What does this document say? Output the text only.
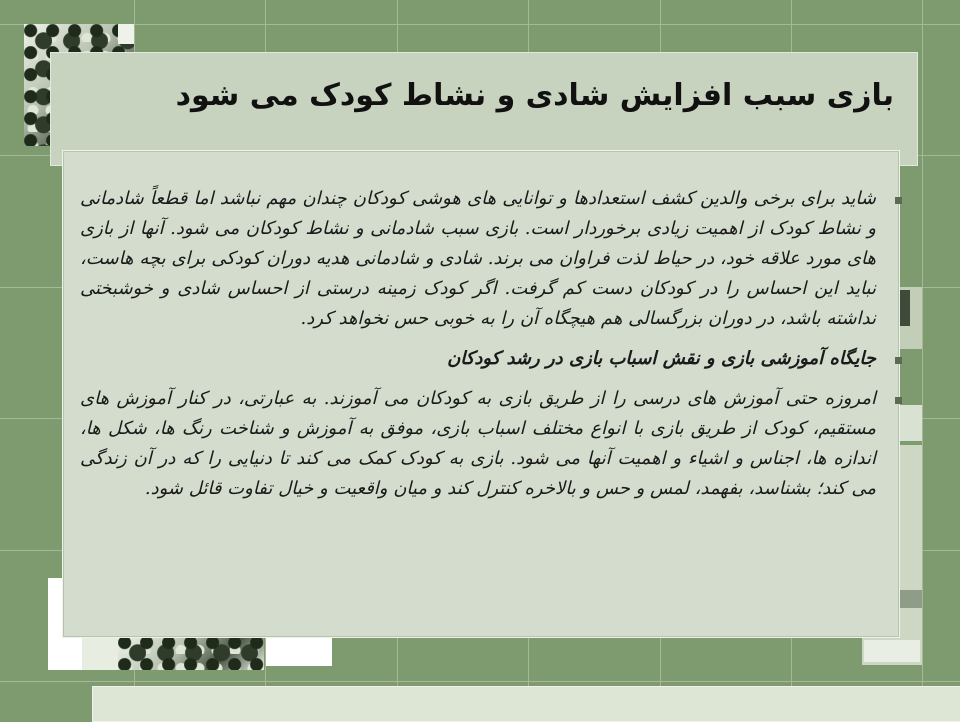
بازی سبب افزایش شادی و نشاط کودک می شود

شاید برای برخی والدین کشف استعدادها و توانایی های هوشی کودکان چندان مهم نباشد اما قطعاً شادمانی و نشاط کودک از اهمیت زیادی برخوردار است. بازی سبب شادمانی و نشاط کودکان می شود. آنها از بازی های مورد علاقه خود، در حیاط لذت فراوان می برند. شادی و شادمانی هدیه دوران کودکی برای بچه هاست، نباید این احساس را در کودکان دست کم گرفت. اگر کودک زمینه درستی از احساس شادی و خوشبختی نداشته باشد، در دوران بزرگسالی هم هیچگاه آن را به خوبی حس نخواهد کرد.

جایگاه آموزشی بازی و نقش اسباب بازی در رشد کودکان

امروزه حتی آموزش های درسی را از طریق بازی به کودکان می آموزند. به عبارتی، در کنار آموزش های مستقیم، کودک از طریق بازی با انواع مختلف اسباب بازی، موفق به آموزش و شناخت رنگ ها، شکل ها، اندازه ها، اجناس و اشیاء و اهمیت آنها می شود. بازی به کودک کمک می کند تا دنیایی را که در آن زندگی می کند؛ بشناسد، بفهمد، لمس و حس و بالاخره کنترل کند و میان واقعیت و خیال تفاوت قائل شود.
